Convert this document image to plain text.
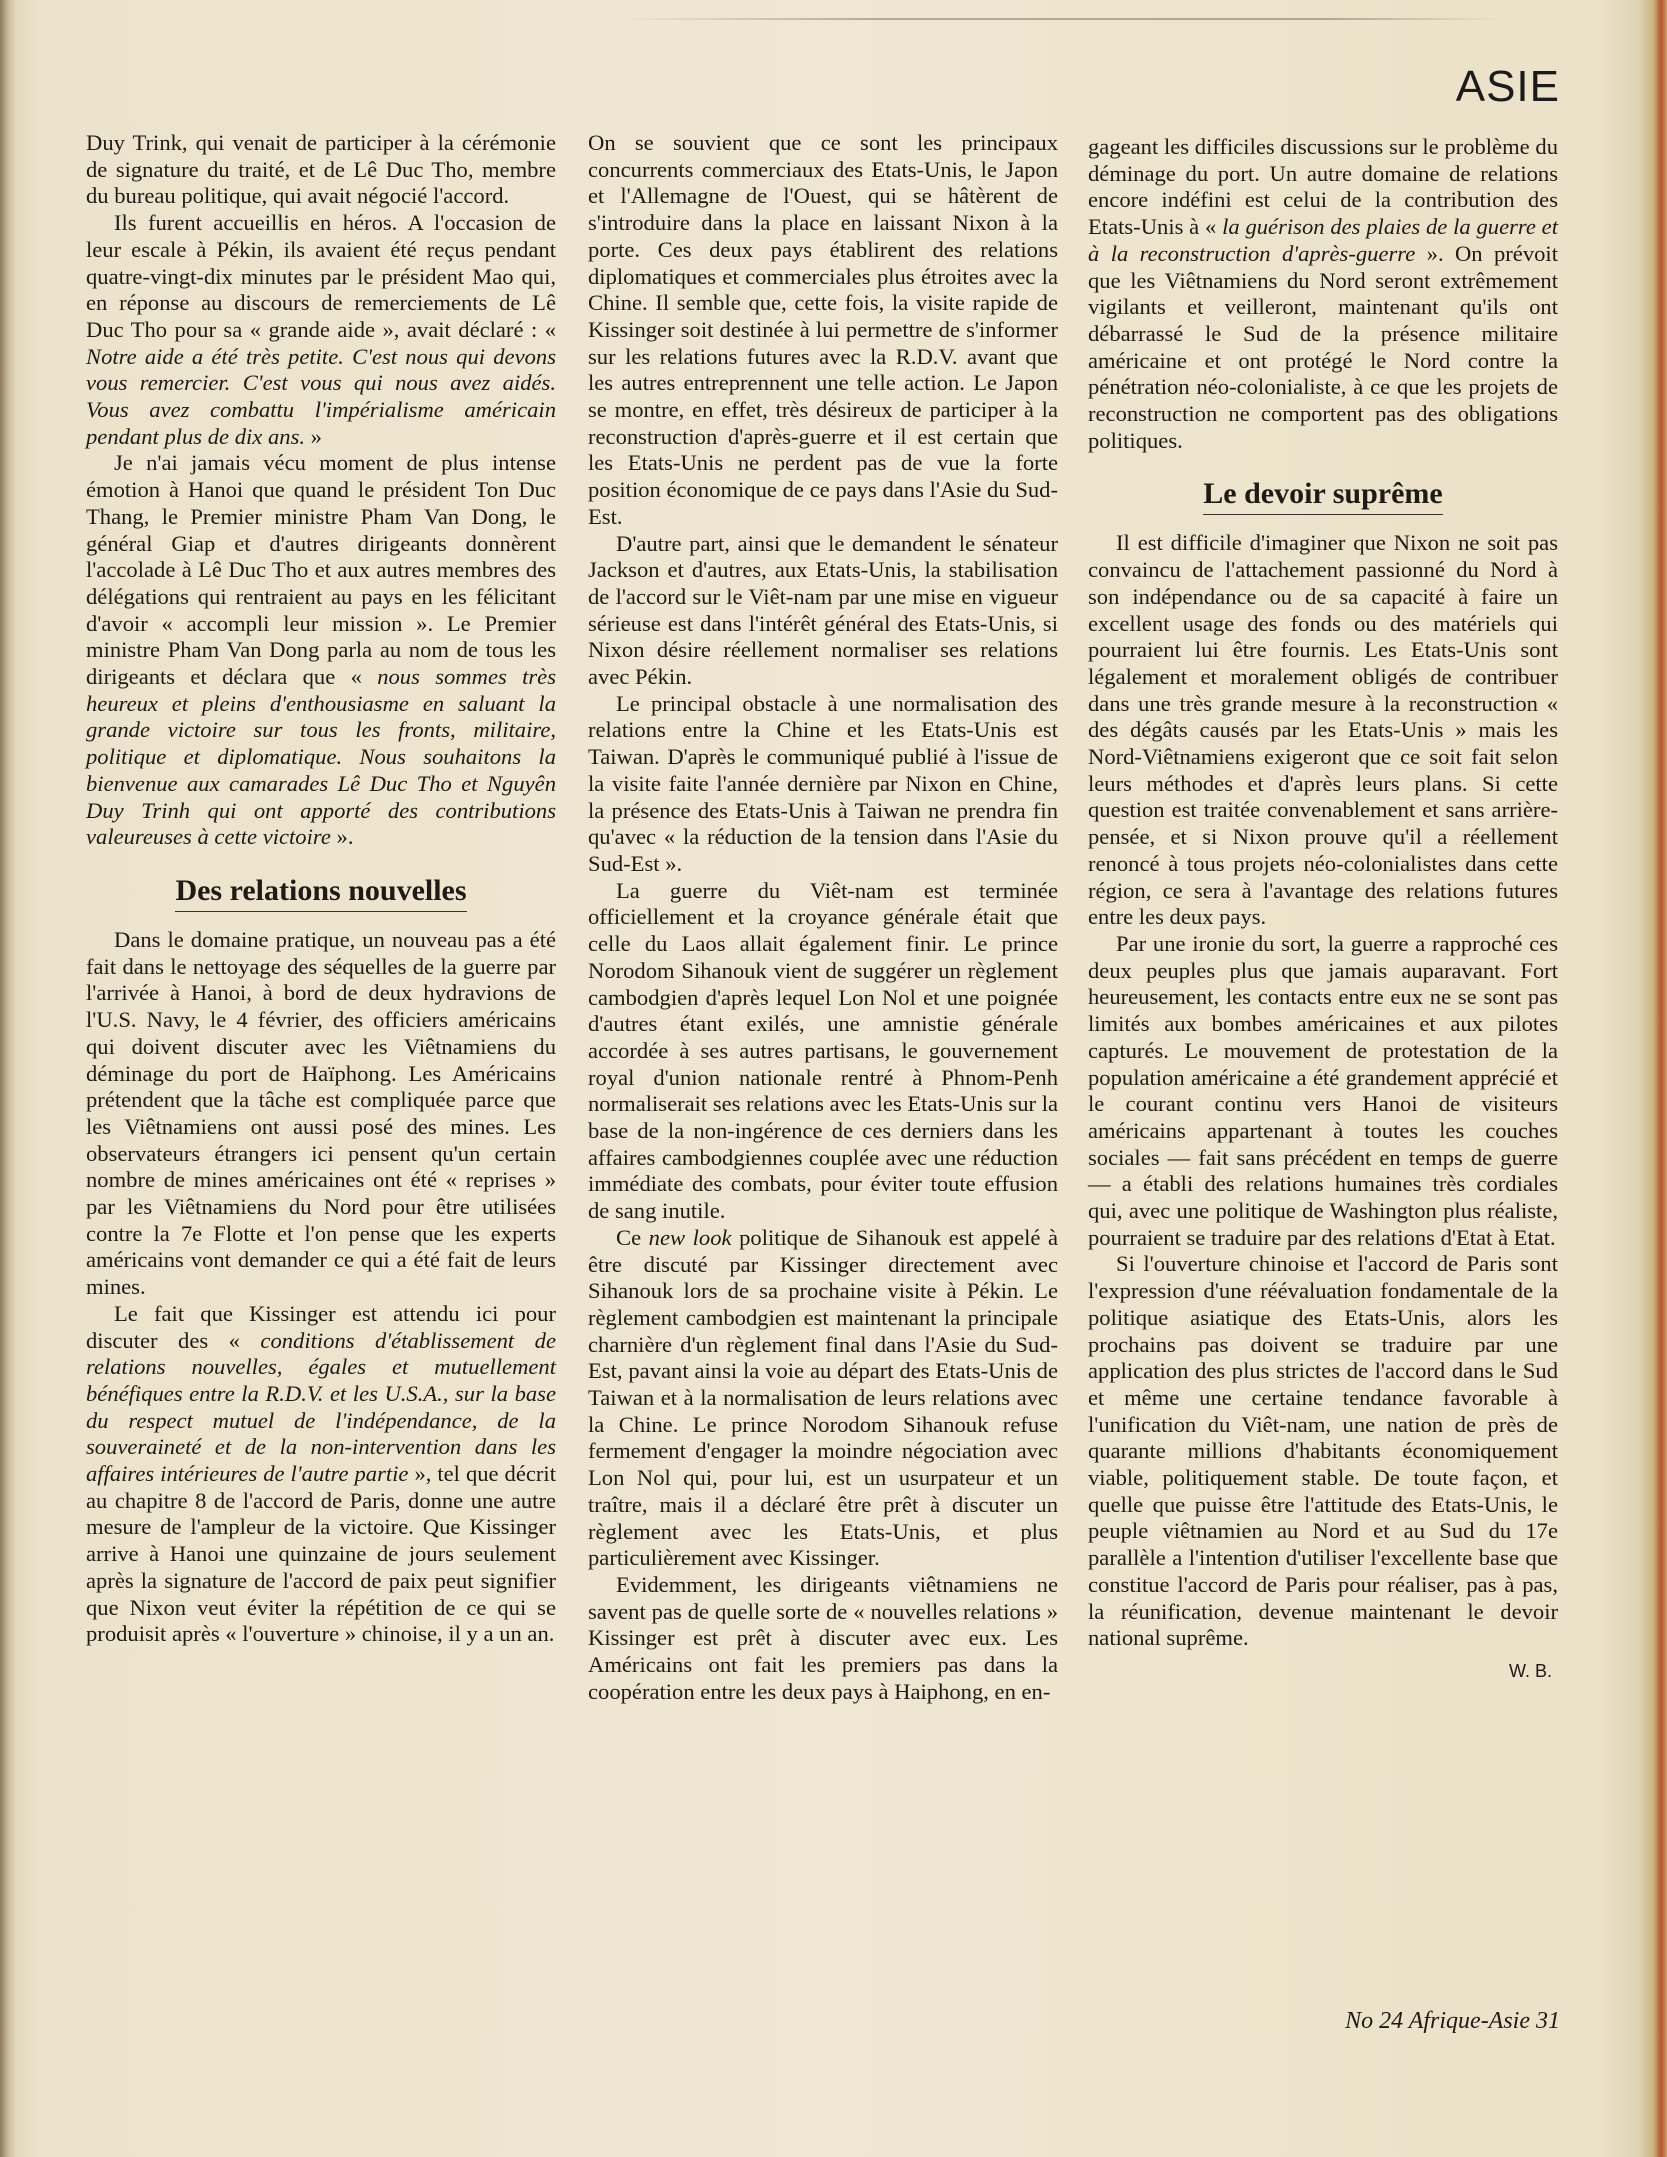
ASIE

Duy Trink, qui venait de participer à la cérémonie de signature du traité, et de Lê Duc Tho, membre du bureau politique, qui avait négocié l'accord.

Ils furent accueillis en héros. A l'occasion de leur escale à Pékin, ils avaient été reçus pendant quatre-vingt-dix minutes par le président Mao qui, en réponse au discours de remerciements de Lê Duc Tho pour sa « grande aide », avait déclaré : « Notre aide a été très petite. C'est nous qui devons vous remercier. C'est vous qui nous avez aidés. Vous avez combattu l'impérialisme américain pendant plus de dix ans. »

Je n'ai jamais vécu moment de plus intense émotion à Hanoi que quand le président Ton Duc Thang, le Premier ministre Pham Van Dong, le général Giap et d'autres dirigeants donnèrent l'accolade à Lê Duc Tho et aux autres membres des délégations qui rentraient au pays en les félicitant d'avoir « accompli leur mission ». Le Premier ministre Pham Van Dong parla au nom de tous les dirigeants et déclara que « nous sommes très heureux et pleins d'enthousiasme en saluant la grande victoire sur tous les fronts, militaire, politique et diplomatique. Nous souhaitons la bienvenue aux camarades Lê Duc Tho et Nguyên Duy Trinh qui ont apporté des contributions valeureuses à cette victoire ».

Des relations nouvelles

Dans le domaine pratique, un nouveau pas a été fait dans le nettoyage des séquelles de la guerre par l'arrivée à Hanoi, à bord de deux hydravions de l'U.S. Navy, le 4 février, des officiers américains qui doivent discuter avec les Viêtnamiens du déminage du port de Haïphong. Les Américains prétendent que la tâche est compliquée parce que les Viêtnamiens ont aussi posé des mines. Les observateurs étrangers ici pensent qu'un certain nombre de mines américaines ont été « reprises » par les Viêtnamiens du Nord pour être utilisées contre la 7e Flotte et l'on pense que les experts américains vont demander ce qui a été fait de leurs mines.

Le fait que Kissinger est attendu ici pour discuter des « conditions d'établissement de relations nouvelles, égales et mutuellement bénéfiques entre la R.D.V. et les U.S.A., sur la base du respect mutuel de l'indépendance, de la souveraineté et de la non-intervention dans les affaires intérieures de l'autre partie », tel que décrit au chapitre 8 de l'accord de Paris, donne une autre mesure de l'ampleur de la victoire. Que Kissinger arrive à Hanoi une quinzaine de jours seulement après la signature de l'accord de paix peut signifier que Nixon veut éviter la répétition de ce qui se produisit après « l'ouverture » chinoise, il y a un an.

On se souvient que ce sont les principaux concurrents commerciaux des Etats-Unis, le Japon et l'Allemagne de l'Ouest, qui se hâtèrent de s'introduire dans la place en laissant Nixon à la porte. Ces deux pays établirent des relations diplomatiques et commerciales plus étroites avec la Chine. Il semble que, cette fois, la visite rapide de Kissinger soit destinée à lui permettre de s'informer sur les relations futures avec la R.D.V. avant que les autres entreprennent une telle action. Le Japon se montre, en effet, très désireux de participer à la reconstruction d'après-guerre et il est certain que les Etats-Unis ne perdent pas de vue la forte position économique de ce pays dans l'Asie du Sud-Est.

D'autre part, ainsi que le demandent le sénateur Jackson et d'autres, aux Etats-Unis, la stabilisation de l'accord sur le Viêt-nam par une mise en vigueur sérieuse est dans l'intérêt général des Etats-Unis, si Nixon désire réellement normaliser ses relations avec Pékin.

Le principal obstacle à une normalisation des relations entre la Chine et les Etats-Unis est Taiwan. D'après le communiqué publié à l'issue de la visite faite l'année dernière par Nixon en Chine, la présence des Etats-Unis à Taiwan ne prendra fin qu'avec « la réduction de la tension dans l'Asie du Sud-Est ».

La guerre du Viêt-nam est terminée officiellement et la croyance générale était que celle du Laos allait également finir. Le prince Norodom Sihanouk vient de suggérer un règlement cambodgien d'après lequel Lon Nol et une poignée d'autres étant exilés, une amnistie générale accordée à ses autres partisans, le gouvernement royal d'union nationale rentré à Phnom-Penh normaliserait ses relations avec les Etats-Unis sur la base de la non-ingérence de ces derniers dans les affaires cambodgiennes couplée avec une réduction immédiate des combats, pour éviter toute effusion de sang inutile.

Ce new look politique de Sihanouk est appelé à être discuté par Kissinger directement avec Sihanouk lors de sa prochaine visite à Pékin. Le règlement cambodgien est maintenant la principale charnière d'un règlement final dans l'Asie du Sud-Est, pavant ainsi la voie au départ des Etats-Unis de Taiwan et à la normalisation de leurs relations avec la Chine. Le prince Norodom Sihanouk refuse fermement d'engager la moindre négociation avec Lon Nol qui, pour lui, est un usurpateur et un traître, mais il a déclaré être prêt à discuter un règlement avec les Etats-Unis, et plus particulièrement avec Kissinger.

Evidemment, les dirigeants viêtnamiens ne savent pas de quelle sorte de « nouvelles relations » Kissinger est prêt à discuter avec eux. Les Américains ont fait les premiers pas dans la coopération entre les deux pays à Haiphong, en en-

gageant les difficiles discussions sur le problème du déminage du port. Un autre domaine de relations encore indéfini est celui de la contribution des Etats-Unis à « la guérison des plaies de la guerre et à la reconstruction d'après-guerre ». On prévoit que les Viêtnamiens du Nord seront extrêmement vigilants et veilleront, maintenant qu'ils ont débarrassé le Sud de la présence militaire américaine et ont protégé le Nord contre la pénétration néo-colonialiste, à ce que les projets de reconstruction ne comportent pas des obligations politiques.

Le devoir suprême

Il est difficile d'imaginer que Nixon ne soit pas convaincu de l'attachement passionné du Nord à son indépendance ou de sa capacité à faire un excellent usage des fonds ou des matériels qui pourraient lui être fournis. Les Etats-Unis sont légalement et moralement obligés de contribuer dans une très grande mesure à la reconstruction « des dégâts causés par les Etats-Unis » mais les Nord-Viêtnamiens exigeront que ce soit fait selon leurs méthodes et d'après leurs plans. Si cette question est traitée convenablement et sans arrière-pensée, et si Nixon prouve qu'il a réellement renoncé à tous projets néo-colonialistes dans cette région, ce sera à l'avantage des relations futures entre les deux pays.

Par une ironie du sort, la guerre a rapproché ces deux peuples plus que jamais auparavant. Fort heureusement, les contacts entre eux ne se sont pas limités aux bombes américaines et aux pilotes capturés. Le mouvement de protestation de la population américaine a été grandement apprécié et le courant continu vers Hanoi de visiteurs américains appartenant à toutes les couches sociales — fait sans précédent en temps de guerre — a établi des relations humaines très cordiales qui, avec une politique de Washington plus réaliste, pourraient se traduire par des relations d'Etat à Etat.

Si l'ouverture chinoise et l'accord de Paris sont l'expression d'une réévaluation fondamentale de la politique asiatique des Etats-Unis, alors les prochains pas doivent se traduire par une application des plus strictes de l'accord dans le Sud et même une certaine tendance favorable à l'unification du Viêt-nam, une nation de près de quarante millions d'habitants économiquement viable, politiquement stable. De toute façon, et quelle que puisse être l'attitude des Etats-Unis, le peuple viêtnamien au Nord et au Sud du 17e parallèle a l'intention d'utiliser l'excellente base que constitue l'accord de Paris pour réaliser, pas à pas, la réunification, devenue maintenant le devoir national suprême.

W. B.

No 24 Afrique-Asie 31
